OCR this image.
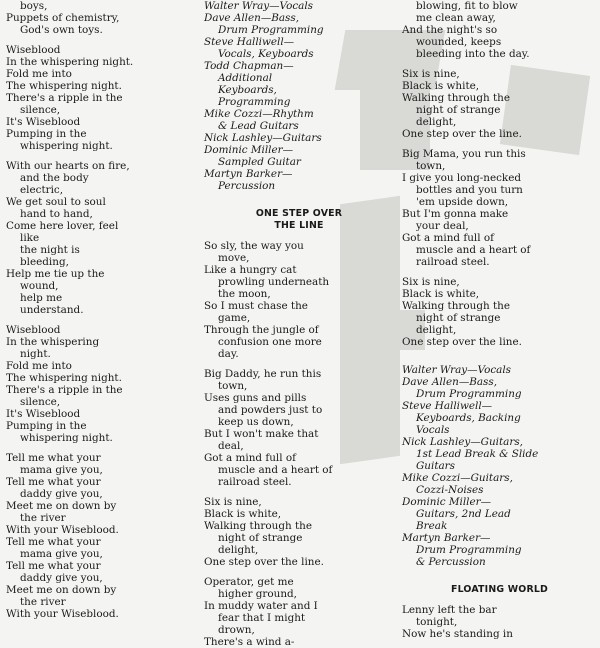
boys,
Puppets of chemistry,
God's own toys.
Wiseblood
In the whispering night.
Fold me into
The whispering night.
There's a ripple in the
silence,
It's Wiseblood
Pumping in the
whispering night.
With our hearts on fire,
and the body
electric,
We get soul to soul
hand to hand,
Come here lover, feel
like
the night is
bleeding,
Help me tie up the
wound,
help me
understand.
Wiseblood
In the whispering
night.
Fold me into
The whispering night.
There's a ripple in the
silence,
It's Wiseblood
Pumping in the
whispering night.
Tell me what your
mama give you,
Tell me what your
daddy give you,
Meet me on down by
the river
With your Wiseblood.
Tell me what your
mama give you,
Tell me what your
daddy give you,
Meet me on down by
the river
With your Wiseblood.
Walter Wray—Vocals
Dave Allen—Bass,
Drum Programming
Steve Halliwell—
Vocals, Keyboards
Todd Chapman—
Additional
Keyboards,
Programming
Mike Cozzi—Rhythm
& Lead Guitars
Nick Lashley—Guitars
Dominic Miller—
Sampled Guitar
Martyn Barker—
Percussion
ONE STEP OVER
THE LINE
So sly, the way you
move,
Like a hungry cat
prowling underneath
the moon,
So I must chase the
game,
Through the jungle of
confusion one more
day.
Big Daddy, he run this
town,
Uses guns and pills
and powders just to
keep us down,
But I won't make that
deal,
Got a mind full of
muscle and a heart of
railroad steel.
Six is nine,
Black is white,
Walking through the
night of strange
delight,
One step over the line.
Operator, get me
higher ground,
In muddy water and I
fear that I might
drown,
There's a wind a-
blowing, fit to blow
me clean away,
And the night's so
wounded, keeps
bleeding into the day.
Six is nine,
Black is white,
Walking through the
night of strange
delight,
One step over the line.
Big Mama, you run this
town,
I give you long-necked
bottles and you turn
'em upside down,
But I'm gonna make
your deal,
Got a mind full of
muscle and a heart of
railroad steel.
Six is nine,
Black is white,
Walking through the
night of strange
delight,
One step over the line.
Walter Wray—Vocals
Dave Allen—Bass,
Drum Programming
Steve Halliwell—
Keyboards, Backing
Vocals
Nick Lashley—Guitars,
1st Lead Break & Slide
Guitars
Mike Cozzi—Guitars,
Cozzi-Noises
Dominic Miller—
Guitars, 2nd Lead
Break
Martyn Barker—
Drum Programming
& Percussion
FLOATING WORLD
Lenny left the bar
tonight,
Now he's standing in
